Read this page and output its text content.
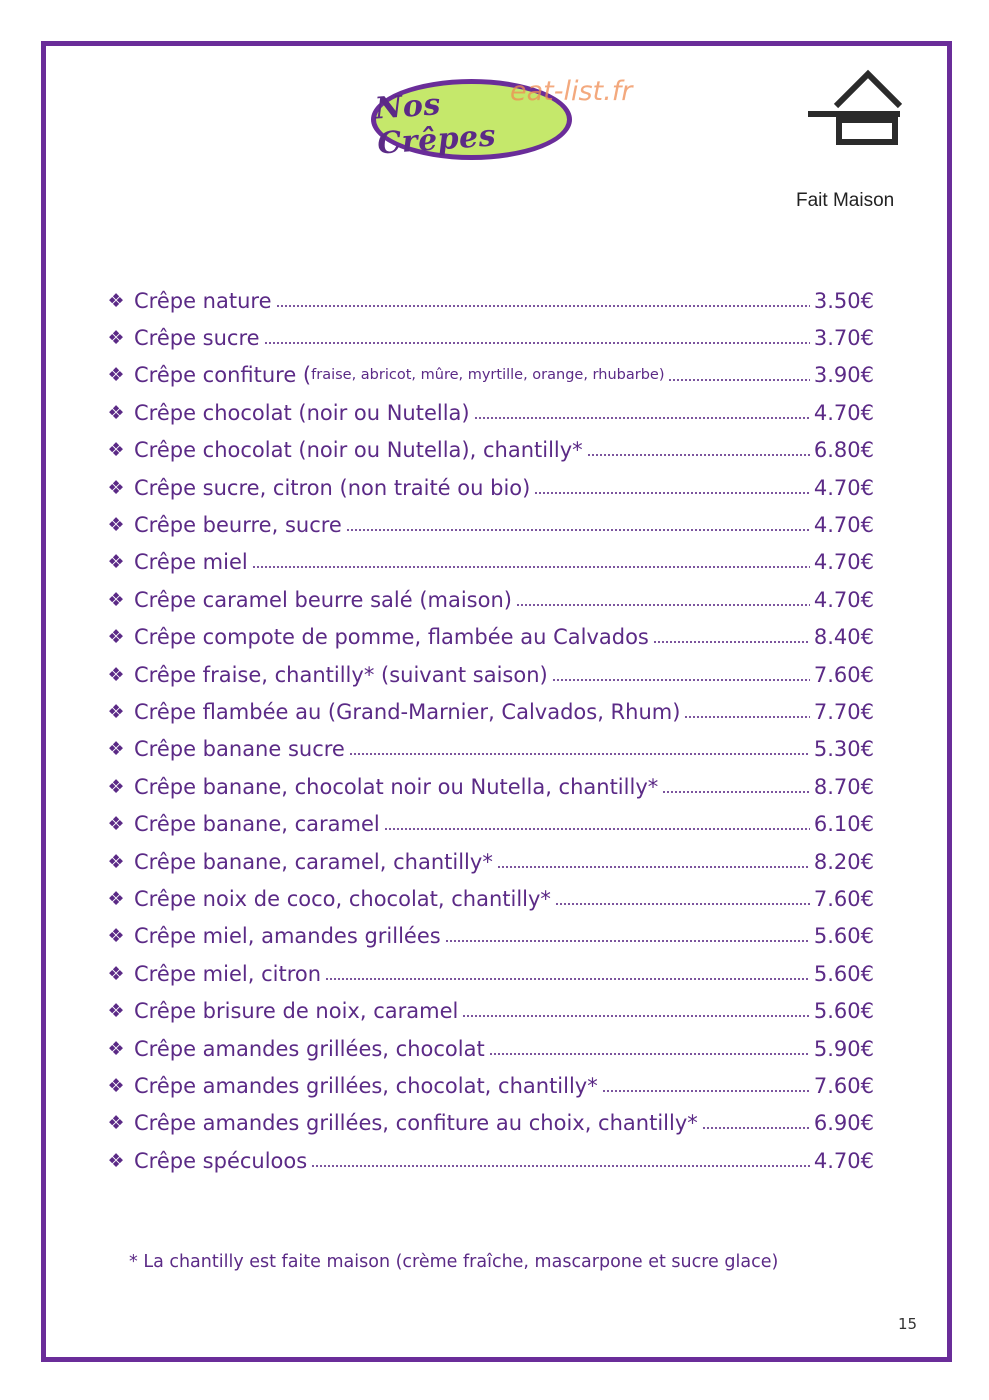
Nos Crêpes
eat-list.fr
Fait Maison
❖ Crêpe nature	3.50€
❖ Crêpe sucre	3.70€
❖ Crêpe confiture ( fraise, abricot, mûre, myrtille, orange, rhubarbe)	3.90€
❖ Crêpe chocolat (noir ou Nutella)	4.70€
❖ Crêpe chocolat (noir ou Nutella), chantilly*	6.80€
❖ Crêpe sucre, citron (non traité ou bio)	4.70€
❖ Crêpe beurre, sucre	4.70€
❖ Crêpe miel	4.70€
❖ Crêpe caramel beurre salé (maison)	4.70€
❖ Crêpe compote de pomme, flambée au Calvados	8.40€
❖ Crêpe fraise, chantilly* (suivant saison)	7.60€
❖ Crêpe flambée au (Grand-Marnier, Calvados, Rhum)	7.70€
❖ Crêpe banane sucre	5.30€
❖ Crêpe banane, chocolat noir ou Nutella, chantilly*	8.70€
❖ Crêpe banane, caramel	6.10€
❖ Crêpe banane, caramel, chantilly*	8.20€
❖ Crêpe noix de coco, chocolat, chantilly*	7.60€
❖ Crêpe miel, amandes grillées	5.60€
❖ Crêpe miel, citron	5.60€
❖ Crêpe brisure de noix, caramel	5.60€
❖ Crêpe amandes grillées, chocolat	5.90€
❖ Crêpe amandes grillées, chocolat, chantilly*	7.60€
❖ Crêpe amandes grillées, confiture au choix, chantilly*	6.90€
❖ Crêpe spéculoos	4.70€
* La chantilly est faite maison (crème fraîche, mascarpone et sucre glace)
15
